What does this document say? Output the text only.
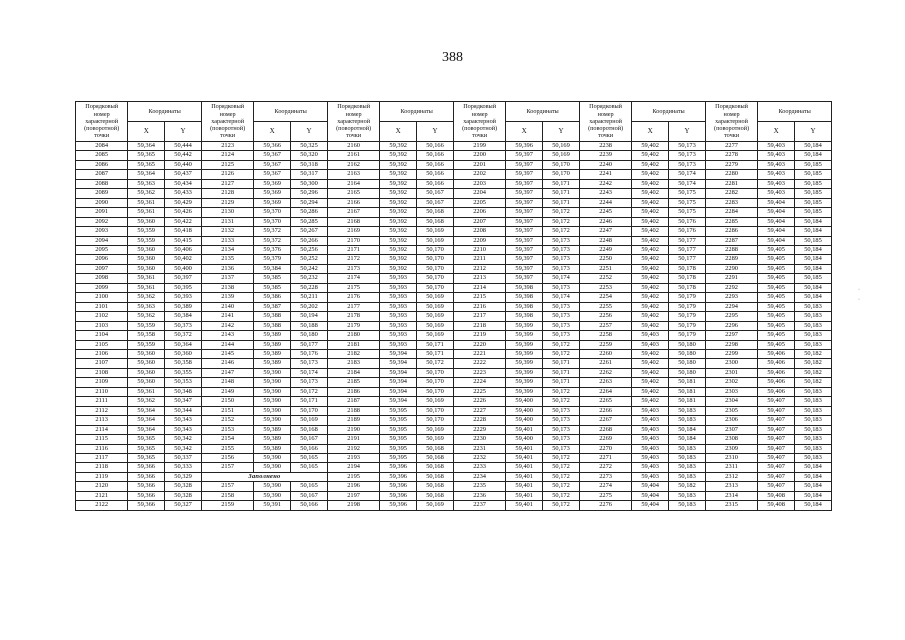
388
Порядковый номер характерной (поворотной) точки	Координаты		Порядковый номер характерной (поворотной) точки	Координаты		Порядковый номер характерной (поворотной) точки	Координаты		Порядковый номер характерной (поворотной) точки	Координаты		Порядковый номер характерной (поворотной) точки	Координаты		Порядковый номер характерной (поворотной) точки	Координаты	
	X	Y		X	Y		X	Y		X	Y		X	Y		X	Y
2084	59,364	50,444	2123	59,366	50,325	2160	59,392	50,166	2199	59,396	50,169	2238	59,402	50,173	2277	59,403	50,184
2085	59,365	50,442	2124	59,367	50,320	2161	59,392	50,166	2200	59,397	50,169	2239	59,402	50,173	2278	59,403	50,184
2086	59,365	50,440	2125	59,367	50,318	2162	59,392	50,166	2201	59,397	50,170	2240	59,402	50,173	2279	59,403	50,185
2087	59,364	50,437	2126	59,367	50,317	2163	59,392	50,166	2202	59,397	50,170	2241	59,402	50,174	2280	59,403	50,185
2088	59,363	50,434	2127	59,369	50,300	2164	59,392	50,166	2203	59,397	50,171	2242	59,402	50,174	2281	59,403	50,185
2089	59,362	50,433	2128	59,369	50,296	2165	59,392	50,167	2204	59,397	50,171	2243	59,402	50,175	2282	59,403	50,185
2090	59,361	50,429	2129	59,369	50,294	2166	59,392	50,167	2205	59,397	50,171	2244	59,402	50,175	2283	59,404	50,185
2091	59,361	50,426	2130	59,370	50,286	2167	59,392	50,168	2206	59,397	50,172	2245	59,402	50,175	2284	59,404	50,185
2092	59,360	50,422	2131	59,370	50,285	2168	59,392	50,168	2207	59,397	50,172	2246	59,402	50,176	2285	59,404	50,184
2093	59,359	50,418	2132	59,372	50,267	2169	59,392	50,169	2208	59,397	50,172	2247	59,402	50,176	2286	59,404	50,184
2094	59,359	50,415	2133	59,372	50,266	2170	59,392	50,169	2209	59,397	50,173	2248	59,402	50,177	2287	59,404	50,185
2095	59,360	50,406	2134	59,376	50,256	2171	59,392	50,170	2210	59,397	50,173	2249	59,402	50,177	2288	59,405	50,184
2096	59,360	50,402	2135	59,379	50,252	2172	59,392	50,170	2211	59,397	50,173	2250	59,402	50,177	2289	59,405	50,184
2097	59,360	50,400	2136	59,384	50,242	2173	59,392	50,170	2212	59,397	50,173	2251	59,402	50,178	2290	59,405	50,184
2098	59,361	50,397	2137	59,385	50,232	2174	59,393	50,170	2213	59,397	50,174	2252	59,402	50,178	2291	59,405	50,185
2099	59,361	50,395	2138	59,385	50,228	2175	59,393	50,170	2214	59,398	50,173	2253	59,402	50,178	2292	59,405	50,184
2100	59,362	50,393	2139	59,386	50,211	2176	59,393	50,169	2215	59,398	50,174	2254	59,402	50,179	2293	59,405	50,184
2101	59,363	50,389	2140	59,387	50,202	2177	59,393	50,169	2216	59,398	50,173	2255	59,402	50,179	2294	59,405	50,183
2102	59,362	50,384	2141	59,388	50,194	2178	59,393	50,169	2217	59,398	50,173	2256	59,402	50,179	2295	59,405	50,183
2103	59,359	50,373	2142	59,388	50,188	2179	59,393	50,169	2218	59,399	50,173	2257	59,402	50,179	2296	59,405	50,183
2104	59,358	50,372	2143	59,389	50,180	2180	59,393	50,169	2219	59,399	50,173	2258	59,403	50,179	2297	59,405	50,183
2105	59,359	50,364	2144	59,389	50,177	2181	59,393	50,171	2220	59,399	50,172	2259	59,403	50,180	2298	59,405	50,183
2106	59,360	50,360	2145	59,389	50,176	2182	59,394	50,171	2221	59,399	50,172	2260	59,402	50,180	2299	59,406	50,182
2107	59,360	50,358	2146	59,389	50,173	2183	59,394	50,172	2222	59,399	50,171	2261	59,402	50,180	2300	59,406	50,182
2108	59,360	50,355	2147	59,390	50,174	2184	59,394	50,170	2223	59,399	50,171	2262	59,402	50,180	2301	59,406	50,182
2109	59,360	50,353	2148	59,390	50,173	2185	59,394	50,170	2224	59,399	50,171	2263	59,402	50,181	2302	59,406	50,182
2110	59,361	50,348	2149	59,390	50,172	2186	59,394	50,170	2225	59,399	50,172	2264	59,402	50,181	2303	59,406	50,183
2111	59,362	50,347	2150	59,390	50,171	2187	59,394	50,169	2226	59,400	50,172	2265	59,402	50,181	2304	59,407	50,183
2112	59,364	50,344	2151	59,390	50,170	2188	59,395	50,170	2227	59,400	50,173	2266	59,403	50,183	2305	59,407	50,183
2113	59,364	50,343	2152	59,390	50,169	2189	59,395	50,170	2228	59,400	50,173	2267	59,403	50,183	2306	59,407	50,183
2114	59,364	50,343	2153	59,389	50,168	2190	59,395	50,169	2229	59,401	50,173	2268	59,403	50,184	2307	59,407	50,183
2115	59,365	50,342	2154	59,389	50,167	2191	59,395	50,169	2230	59,400	50,173	2269	59,403	50,184	2308	59,407	50,183
2116	59,365	50,342	2155	59,389	50,166	2192	59,395	50,168	2231	59,401	50,173	2270	59,403	50,183	2309	59,407	50,183
2117	59,365	50,337	2156	59,390	50,165	2193	59,395	50,168	2232	59,401	50,172	2271	59,403	50,183	2310	59,407	50,183
2118	59,366	50,333	2157	59,390	50,165	2194	59,396	50,168	2233	59,401	50,172	2272	59,403	50,183	2311	59,407	50,184
2119	59,366	50,329	Заполнено			2195	59,396	50,168	2234	59,401	50,172	2273	59,403	50,183	2312	59,407	50,184
2120	59,366	50,328	2157	59,390	50,165	2196	59,396	50,168	2235	59,401	50,172	2274	59,404	50,182	2313	59,407	50,184
2121	59,366	50,328	2158	59,390	50,167	2197	59,396	50,168	2236	59,401	50,172	2275	59,404	50,183	2314	59,408	50,184
2122	59,366	50,327	2159	59,391	50,166	2198	59,396	50,169	2237	59,401	50,172	2276	59,404	50,183	2315	59,408	50,184
·
·
